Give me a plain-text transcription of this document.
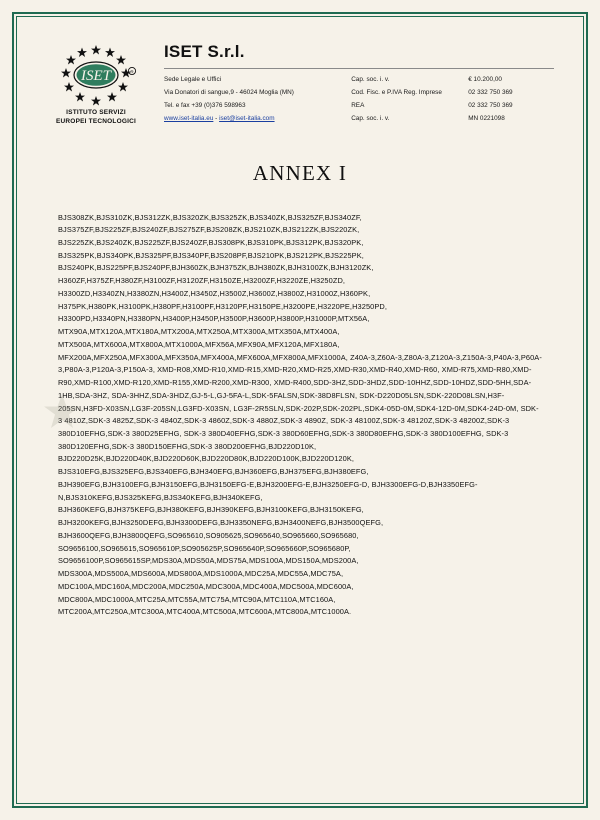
ISET	R
ISTITUTO SERVIZI
EUROPEI TECNOLOGICI
ISET S.r.l.
Sede Legale e Uffici	Cap. soc. i. v.	€ 10.200,00
Via Donatori di sangue,9 - 46024 Moglia (MN)	Cod. Fisc. e P.IVA Reg. Imprese	02 332 750 369
Tel. e fax +39 (0)376 598963	REA	02 332 750 369
www.iset-italia.eu - iset@iset-italia.com	Cap. soc. i. v.	MN 0221098
ANNEX I
BJS308ZK,BJS310ZK,BJS312ZK,BJS320ZK,BJS325ZK,BJS340ZK,BJS325ZF,BJS340ZF, BJS375ZF,BJS225ZF,BJS240ZF,BJS275ZF,BJS208ZK,BJS210ZK,BJS212ZK,BJS220ZK, BJS225ZK,BJS240ZK,BJS225ZF,BJS240ZF,BJS308PK,BJS310PK,BJS312PK,BJS320PK, BJS325PK,BJS340PK,BJS325PF,BJS340PF,BJS208PF,BJS210PK,BJS212PK,BJS225PK, BJS240PK,BJS225PF,BJS240PF,BJH360ZK,BJH375ZK,BJH380ZK,BJH3100ZK,BJH3120ZK, H360ZF,H375ZF,H380ZF,H3100ZF,H3120ZF,H3150ZE,H3200ZF,H3220ZE,H3250ZD, H3300ZD,H3340ZN,H3380ZN,H3400Z,H3450Z,H3500Z,H3600Z,H3800Z,H31000Z,H360PK, H375PK,H380PK,H3100PK,H380PF,H3100PF,H3120PF,H3150PE,H3200PE,H3220PE,H3250PD, H3300PD,H3340PN,H3380PN,H3400P,H3450P,H3500P,H3600P,H3800P,H31000P,MTX56A, MTX90A,MTX120A,MTX180A,MTX200A,MTX250A,MTX300A,MTX350A,MTX400A, MTX500A,MTX600A,MTX800A,MTX1000A,MFX56A,MFX90A,MFX120A,MFX180A, MFX200A,MFX250A,MFX300A,MFX350A,MFX400A,MFX600A,MFX800A,MFX1000A, Z40A-3,Z60A-3,Z80A-3,Z120A-3,Z150A-3,P40A-3,P60A-3,P80A-3,P120A-3,P150A-3, XMD-R08,XMD-R10,XMD-R15,XMD-R20,XMD-R25,XMD-R30,XMD-R40,XMD-R60, XMD-R75,XMD-R80,XMD-R90,XMD-R100,XMD-R120,XMD-R155,XMD-R200,XMD-R300, XMD-R400,SDD-3HZ,SDD-3HDZ,SDD-10HHZ,SDD-10HDZ,SDD-5HH,SDA-1HB,SDA-3HZ, SDA-3HHZ,SDA-3HDZ,GJ-5-L,GJ-5FA-L,SDK-5FALSN,SDK-38D8FLSN, SDK-D220D05LSN,SDK-220D08LSN,H3F-205SN,H3FD-X03SN,LG3F-205SN,LG3FD-X03SN, LG3F-2R5SLN,SDK-202P,SDK-202PL,SDK4-05D-0M,SDK4-12D-0M,SDK4-24D-0M, SDK-3 4810Z,SDK-3 4825Z,SDK-3 4840Z,SDK-3 4860Z,SDK-3 4880Z,SDK-3 4890Z, SDK-3 48100Z,SDK-3 48120Z,SDK-3 48200Z,SDK-3 380D10EFHG,SDK-3 380D25EFHG, SDK-3 380D40EFHG,SDK-3 380D60EFHG,SDK-3 380D80EFHG,SDK-3 380D100EFHG, SDK-3 380D120EFHG,SDK-3 380D150EFHG,SDK-3 380D200EFHG,BJD220D10K, BJD220D25K,BJD220D40K,BJD220D60K,BJD220D80K,BJD220D100K,BJD220D120K, BJS310EFG,BJS325EFG,BJS340EFG,BJH340EFG,BJH360EFG,BJH375EFG,BJH380EFG, BJH390EFG,BJH3100EFG,BJH3150EFG,BJH3150EFG-E,BJH3200EFG-E,BJH3250EFG-D, BJH3300EFG-D,BJH3350EFG-N,BJS310KEFG,BJS325KEFG,BJS340KEFG,BJH340KEFG, BJH360KEFG,BJH375KEFG,BJH380KEFG,BJH390KEFG,BJH3100KEFG,BJH3150KEFG, BJH3200KEFG,BJH3250DEFG,BJH3300DEFG,BJH3350NEFG,BJH3400NEFG,BJH3500QEFG, BJH3600QEFG,BJH3800QEFG,SO965610,SO905625,SO965640,SO965660,SO965680, SO9656100,SO965615,SO965610P,SO905625P,SO965640P,SO965660P,SO965680P, SO9656100P,SO965615SP,MDS30A,MDS50A,MDS75A,MDS100A,MDS150A,MDS200A, MDS300A,MDS500A,MDS600A,MDS800A,MDS1000A,MDC25A,MDC55A,MDC75A, MDC100A,MDC160A,MDC200A,MDC250A,MDC300A,MDC400A,MDC500A,MDC600A, MDC800A,MDC1000A,MTC25A,MTC55A,MTC75A,MTC90A,MTC110A,MTC160A, MTC200A,MTC250A,MTC300A,MTC400A,MTC500A,MTC600A,MTC800A,MTC1000A.
